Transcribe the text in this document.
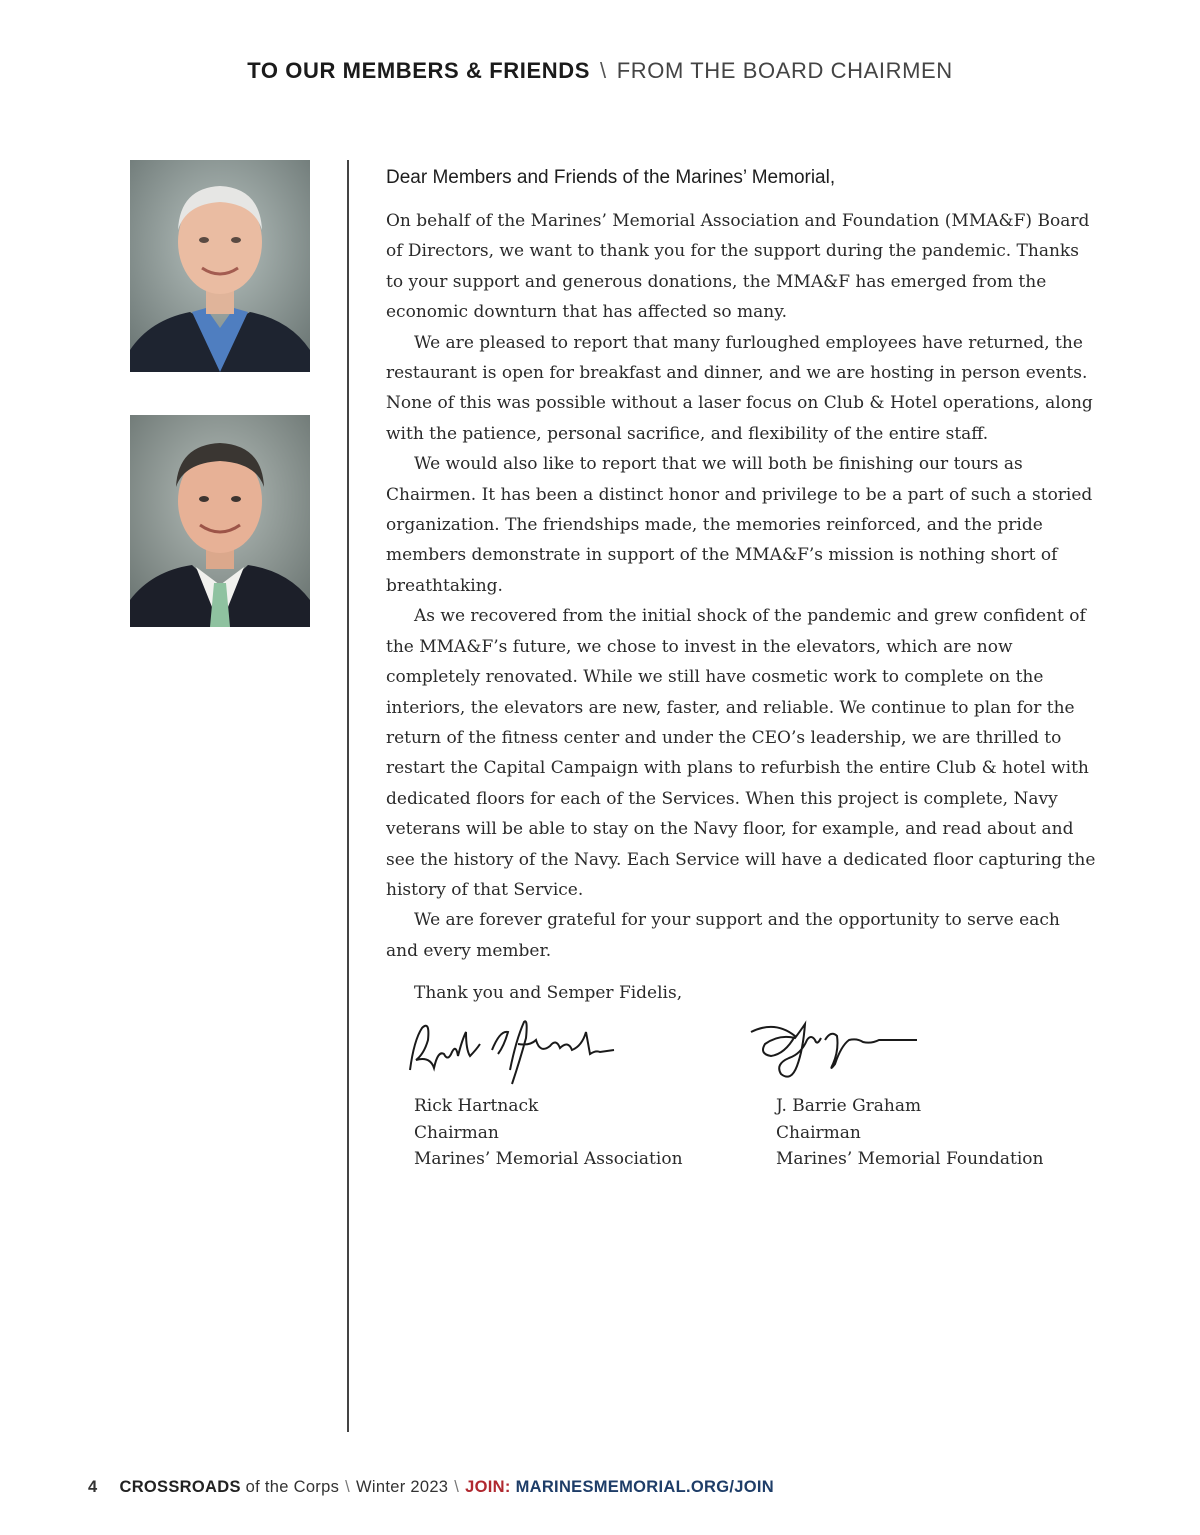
TO OUR MEMBERS & FRIENDS \ FROM THE BOARD CHAIRMEN

Dear Members and Friends of the Marines’ Memorial,

On behalf of the Marines’ Memorial Association and Foundation (MMA&F) Board of Directors, we want to thank you for the support during the pandemic. Thanks to your support and generous donations, the MMA&F has emerged from the economic downturn that has affected so many.

We are pleased to report that many furloughed employees have returned, the restaurant is open for breakfast and dinner, and we are hosting in person events. None of this was possible without a laser focus on Club & Hotel operations, along with the patience, personal sacrifice, and flexibility of the entire staff.

We would also like to report that we will both be finishing our tours as Chairmen. It has been a distinct honor and privilege to be a part of such a storied organization. The friendships made, the memories reinforced, and the pride members demonstrate in support of the MMA&F’s mission is nothing short of breathtaking.

As we recovered from the initial shock of the pandemic and grew confident of the MMA&F’s future, we chose to invest in the elevators, which are now completely renovated. While we still have cosmetic work to complete on the interiors, the elevators are new, faster, and reliable. We continue to plan for the return of the fitness center and under the CEO’s leadership, we are thrilled to restart the Capital Campaign with plans to refurbish the entire Club & hotel with dedicated floors for each of the Services. When this project is complete, Navy veterans will be able to stay on the Navy floor, for example, and read about and see the history of the Navy. Each Service will have a dedicated floor capturing the history of that Service.

We are forever grateful for your support and the opportunity to serve each and every member.

Thank you and Semper Fidelis,

Rick Hartnack
Chairman
Marines’ Memorial Association
J. Barrie Graham
Chairman
Marines’ Memorial Foundation
4 CROSSROADS of the Corps \ Winter 2023 \ JOIN: MARINESMEMORIAL.ORG/JOIN
